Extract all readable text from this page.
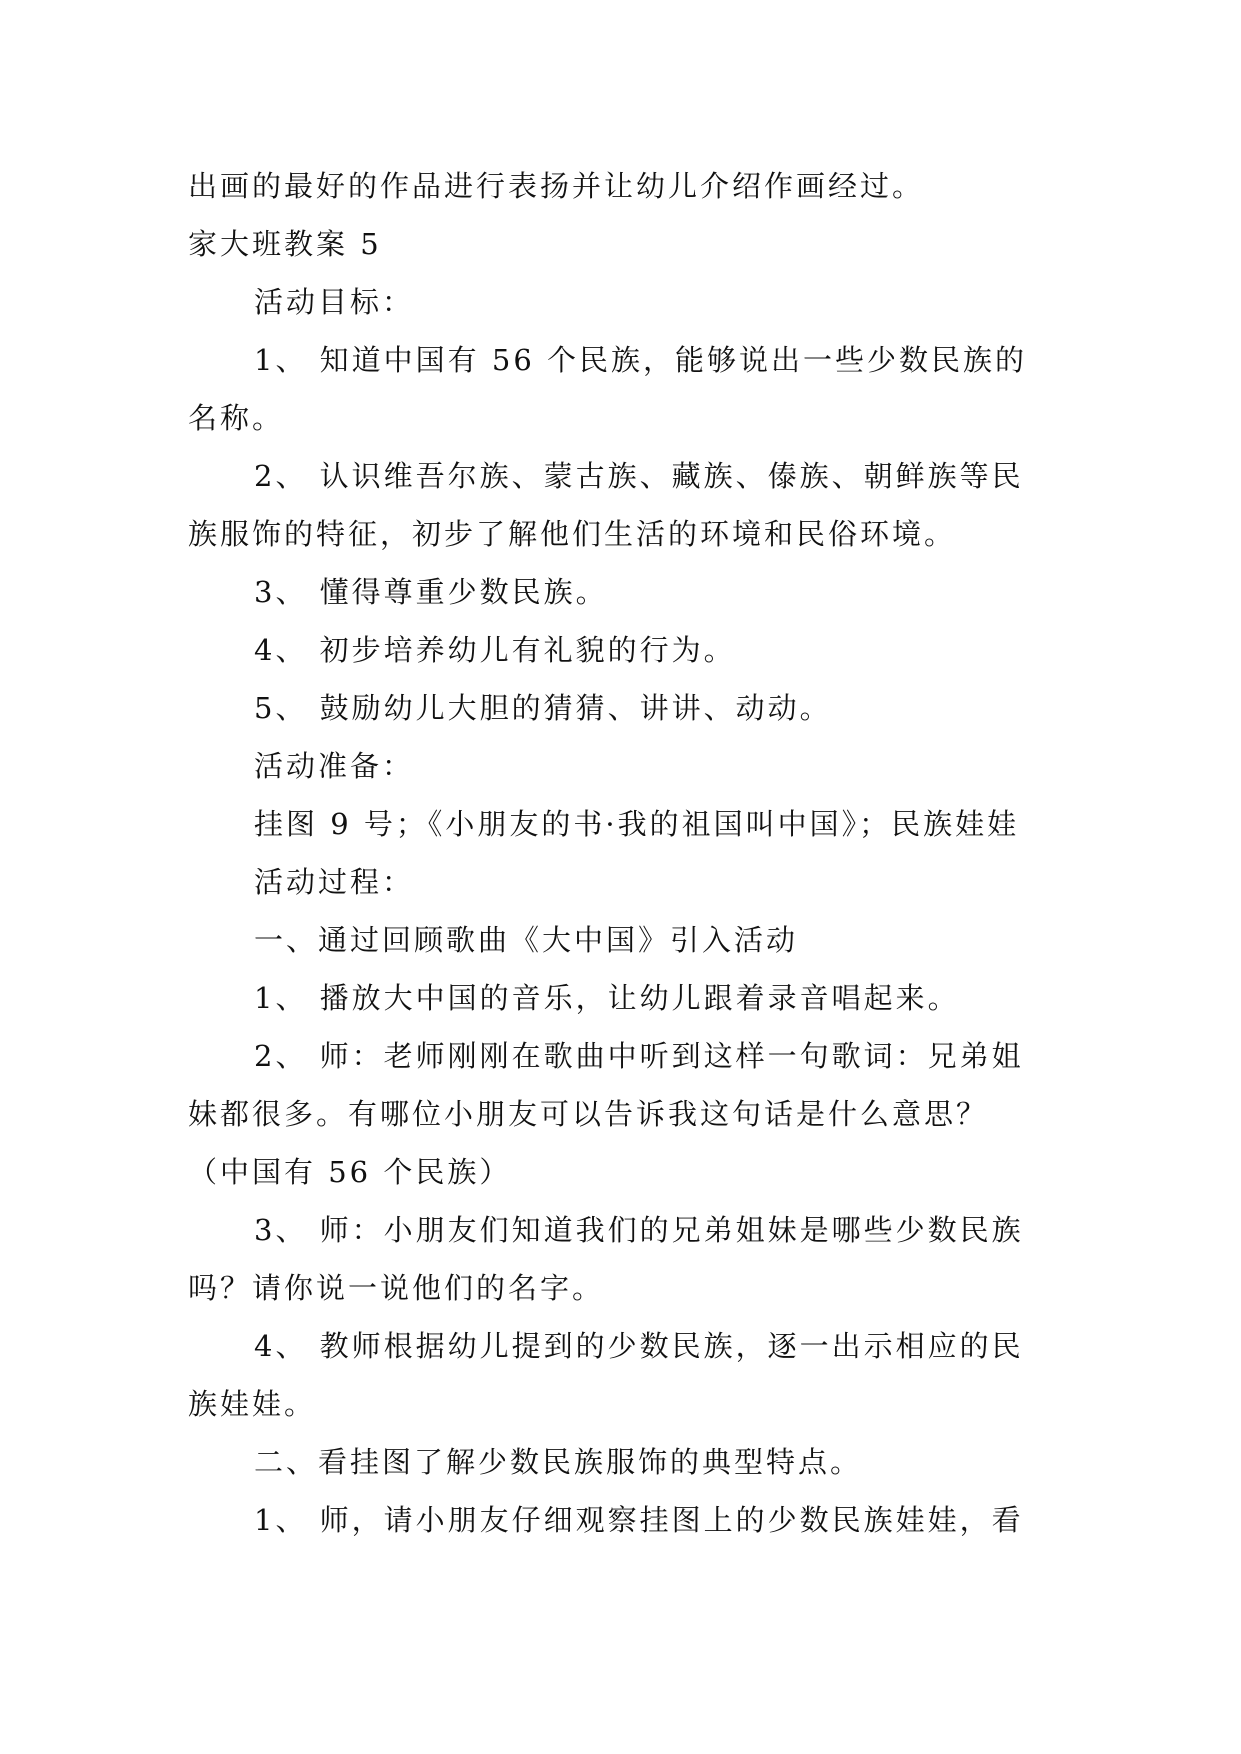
出画的最好的作品进行表扬并让幼儿介绍作画经过。

家大班教案 5

活动目标：

1、 知道中国有 56 个民族，能够说出一些少数民族的

名称。

2、 认识维吾尔族、蒙古族、藏族、傣族、朝鲜族等民

族服饰的特征，初步了解他们生活的环境和民俗环境。

3、 懂得尊重少数民族。

4、 初步培养幼儿有礼貌的行为。

5、 鼓励幼儿大胆的猜猜、讲讲、动动。

活动准备：

挂图 9 号；《小朋友的书·我的祖国叫中国》；民族娃娃

活动过程：

一、通过回顾歌曲《大中国》引入活动

1、 播放大中国的音乐，让幼儿跟着录音唱起来。

2、 师：老师刚刚在歌曲中听到这样一句歌词：兄弟姐

妹都很多。有哪位小朋友可以告诉我这句话是什么意思？

（中国有 56 个民族）

3、 师：小朋友们知道我们的兄弟姐妹是哪些少数民族

吗？请你说一说他们的名字。

4、 教师根据幼儿提到的少数民族，逐一出示相应的民

族娃娃。

二、看挂图了解少数民族服饰的典型特点。

1、 师，请小朋友仔细观察挂图上的少数民族娃娃，看
